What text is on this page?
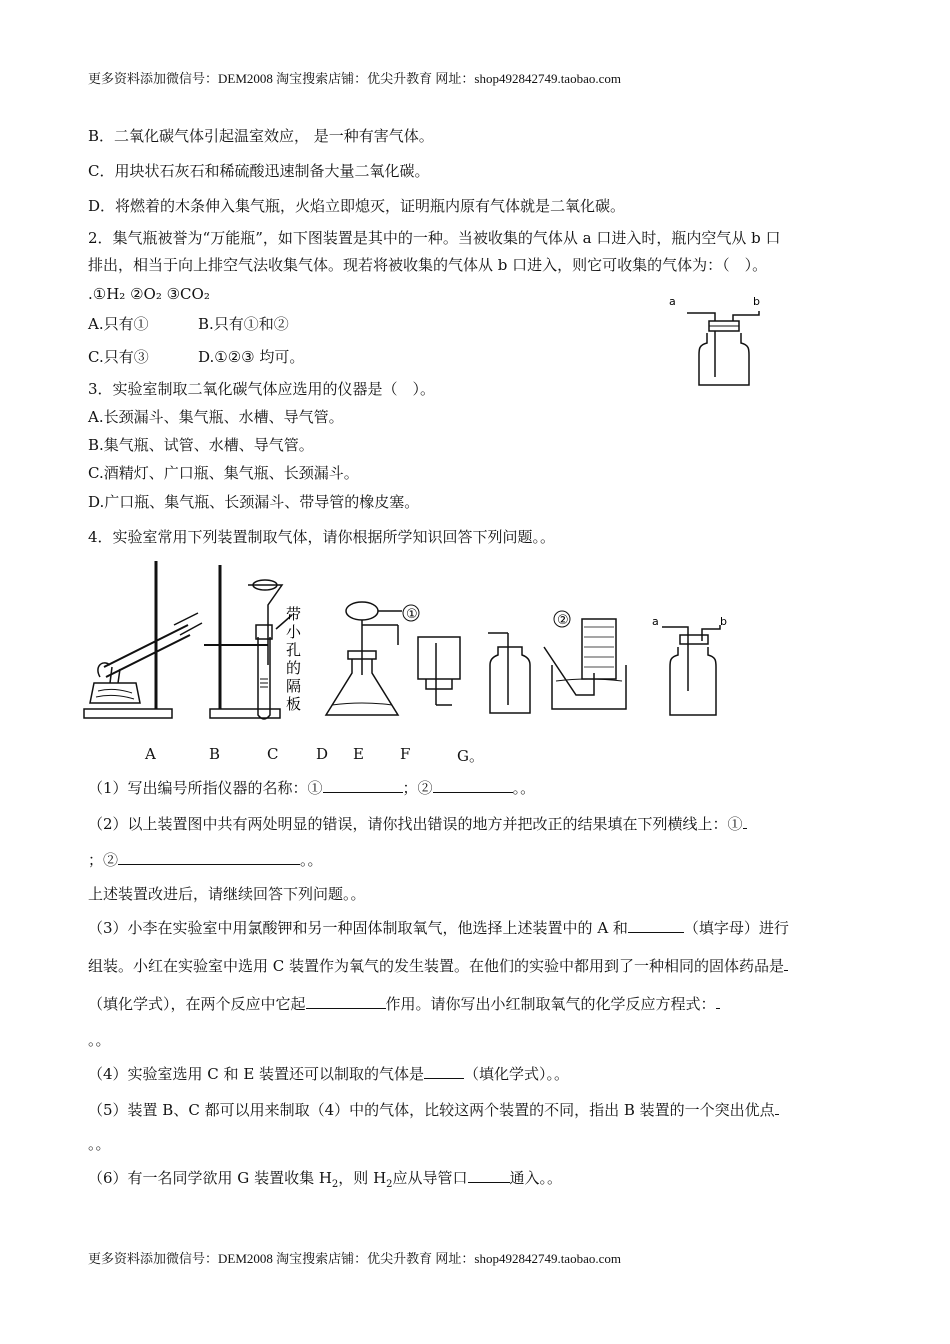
更多资料添加微信号：DEM2008 淘宝搜索店铺：优尖升教育 网址：shop492842749.taobao.com
B．二氧化碳气体引起温室效应， 是一种有害气体。
C．用块状石灰石和稀硫酸迅速制备大量二氧化碳。
D．将燃着的木条伸入集气瓶，火焰立即熄灭，证明瓶内原有气体就是二氧化碳。
2．集气瓶被誉为“万能瓶”，如下图装置是其中的一种。当被收集的气体从 a 口进入时，瓶内空气从 b 口
排出，相当于向上排空气法收集气体。现若将被收集的气体从 b 口进入，则它可收集的气体为：（　）。
.①H₂ ②O₂ ③CO₂
A.只有①	B.只有①和②
C.只有③	D.①②③ 均可。
a	b
3．实验室制取二氧化碳气体应选用的仪器是（　）。
A.长颈漏斗、集气瓶、水槽、导气管。
B.集气瓶、试管、水槽、导气管。
C.酒精灯、广口瓶、集气瓶、长颈漏斗。
D.广口瓶、集气瓶、长颈漏斗、带导管的橡皮塞。
4．实验室常用下列装置制取气体，请你根据所学知识回答下列问题。。
带
小
孔
的
隔
板
①	②	a	b
A	B	C	D E F	G。
（1）写出编号所指仪器的名称：①	；②	。。
（2）以上装置图中共有两处明显的错误，请你找出错误的地方并把改正的结果填在下列横线上：①
；②	。。
上述装置改进后，请继续回答下列问题。。
（3）小李在实验室中用氯酸钾和另一种固体制取氧气，他选择上述装置中的 A 和	（填字母）进行
组装。小红在实验室中选用 C 装置作为氧气的发生装置。在他们的实验中都用到了一种相同的固体药品是
（填化学式），在两个反应中它起	作用。请你写出小红制取氧气的化学反应方程式：
。。
（4）实验室选用 C 和 E 装置还可以制取的气体是	（填化学式）。。
（5）装置 B、C 都可以用来制取（4）中的气体，比较这两个装置的不同，指出 B 装置的一个突出优点
。。
（6）有一名同学欲用 G 装置收集 $H_2$，则 $H_2$应从导管口	通入。。
更多资料添加微信号：DEM2008 淘宝搜索店铺：优尖升教育 网址：shop492842749.taobao.com
